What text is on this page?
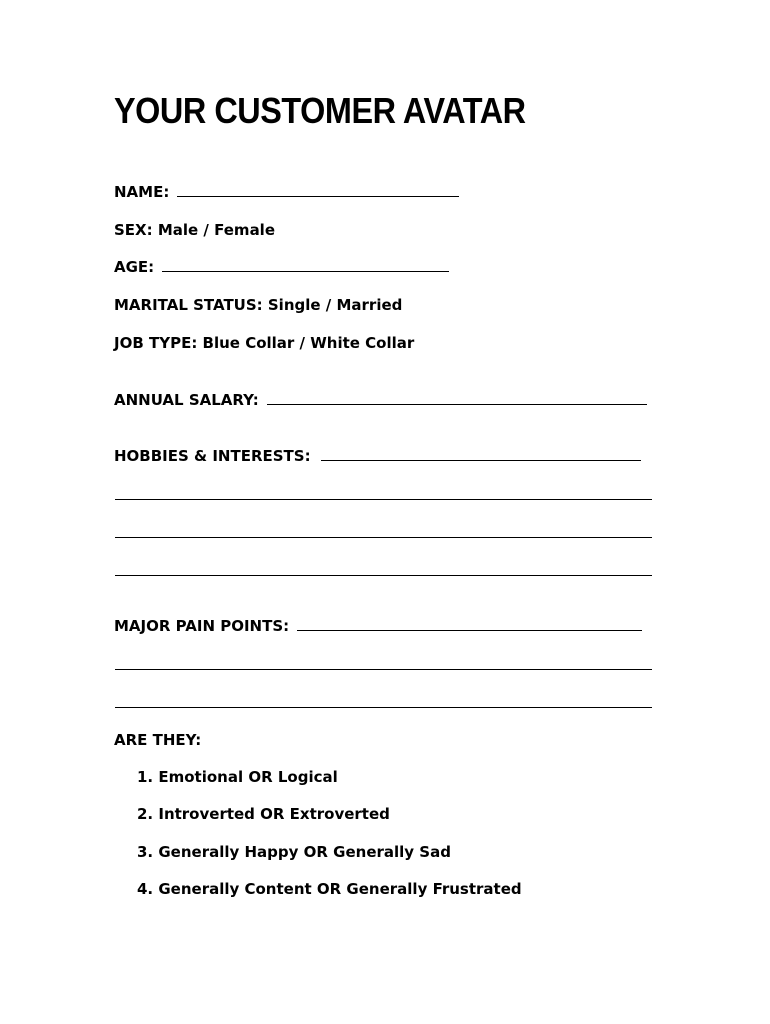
YOUR CUSTOMER AVATAR
NAME:
SEX: Male / Female
AGE:
MARITAL STATUS: Single / Married
JOB TYPE: Blue Collar / White Collar
ANNUAL SALARY:
HOBBIES & INTERESTS:
MAJOR PAIN POINTS:
ARE THEY:
1. Emotional OR Logical
2. Introverted OR Extroverted
3. Generally Happy OR Generally Sad
4. Generally Content OR Generally Frustrated
